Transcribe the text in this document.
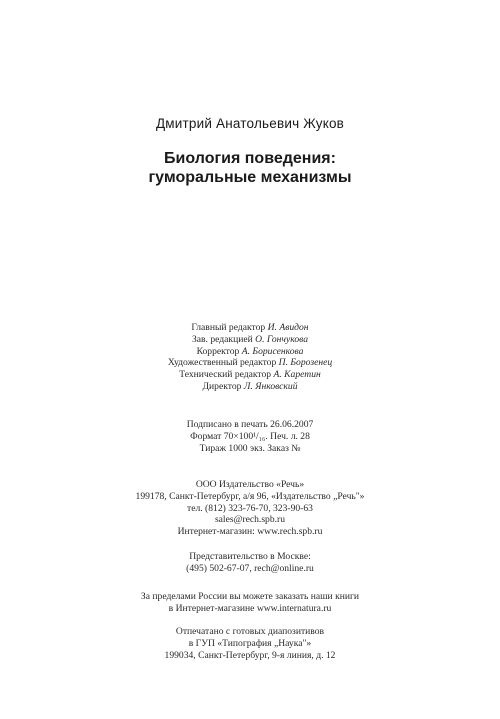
Дмитрий Анатольевич Жуков
Биология поведения:
гуморальные механизмы
Главный редактор И. Авидон
Зав. редакцией О. Гончукова
Корректор А. Борисенкова
Художественный редактор П. Борозенец
Технический редактор А. Каретин
Директор Л. Янковский
Подписано в печать 26.06.2007
Формат 70×100¹/₁₆. Печ. л. 28
Тираж 1000 экз. Заказ №
ООО Издательство «Речь»
199178, Санкт-Петербург, а/я 96, «Издательство „Речь"»
тел. (812) 323-76-70, 323-90-63
sales@rech.spb.ru
Интернет-магазин: www.rech.spb.ru
Представительство в Москве:
(495) 502-67-07, rech@online.ru
За пределами России вы можете заказать наши книги
в Интернет-магазине www.internatura.ru
Отпечатано с готовых диапозитивов
в ГУП «Типография „Наука"»
199034, Санкт-Петербург, 9-я линия, д. 12
